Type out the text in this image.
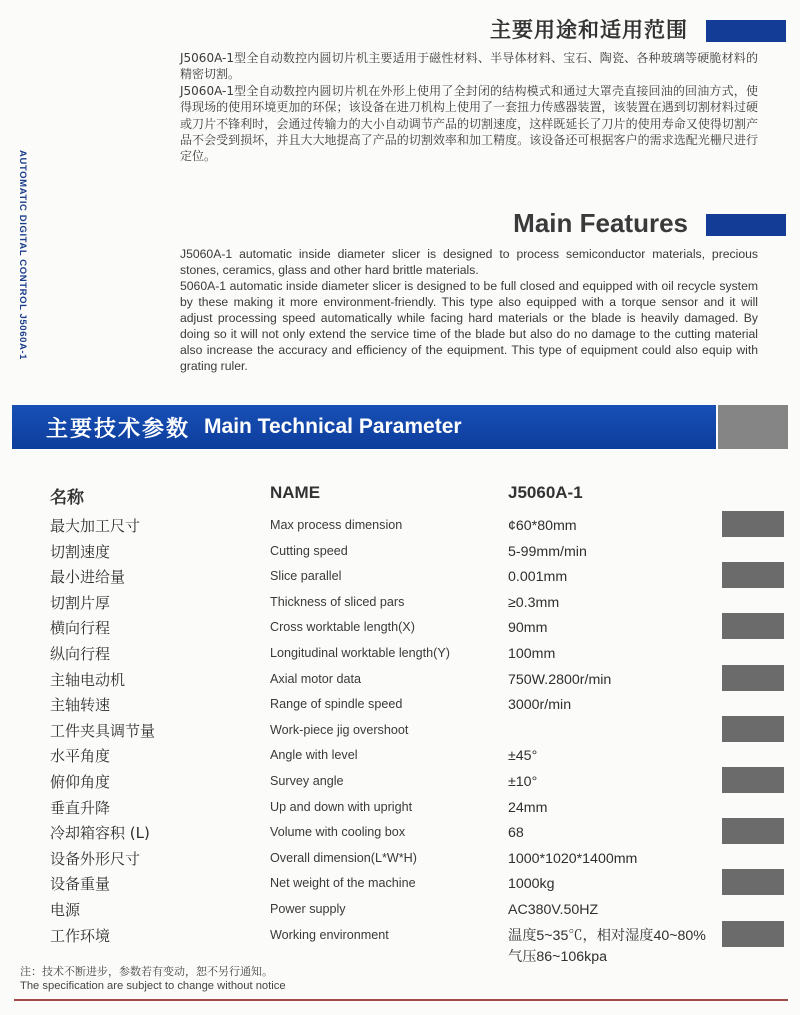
AUTOMATIC DIGITAL CONTROL J5060A-1
主要用途和适用范围

J5060A-1型全自动数控内圆切片机主要适用于磁性材料、半导体材料、宝石、陶瓷、各种玻璃等硬脆材料的精密切割。

J5060A-1型全自动数控内圆切片机在外形上使用了全封闭的结构模式和通过大罩壳直接回油的回油方式，使得现场的使用环境更加的环保；该设备在进刀机构上使用了一套扭力传感器装置，该装置在遇到切割材料过硬或刀片不锋利时，会通过传输力的大小自动调节产品的切割速度，这样既延长了刀片的使用寿命又使得切割产品不会受到损坏，并且大大地提高了产品的切割效率和加工精度。该设备还可根据客户的需求选配光栅尺进行定位。

Main Features

J5060A-1 automatic inside diameter slicer is designed to process semiconductor materials, precious stones, ceramics, glass and other hard brittle materials.

5060A-1 automatic inside diameter slicer is designed to be full closed and equipped with oil recycle system by these making it more environment-friendly. This type also equipped with a torque sensor and it will adjust processing speed automatically while facing hard materials or the blade is heavily damaged. By doing so it will not only extend the service time of the blade but also do no damage to the cutting material also increase the accuracy and efficiency of the equipment. This type of equipment could also equip with grating ruler.

主要技术参数 Main Technical Parameter
名称	NAME	J5060A-1
最大加工尺寸	Max process dimension	¢60*80mm
切割速度	Cutting speed	5-99mm/min
最小进给量	Slice parallel	0.001mm
切割片厚	Thickness of sliced pars	≥0.3mm
横向行程	Cross worktable length(X)	90mm
纵向行程	Longitudinal worktable length(Y)	100mm
主轴电动机	Axial motor data	750W.2800r/min
主轴转速	Range of spindle speed	3000r/min
工件夹具调节量	Work-piece jig overshoot
水平角度	Angle with level	±45°
俯仰角度	Survey angle	±10°
垂直升降	Up and down with upright	24mm
冷却箱容积 (L)	Volume with cooling box	68
设备外形尺寸	Overall dimension(L*W*H)	1000*1020*1400mm
设备重量	Net weight of the machine	1000kg
电源	Power supply	AC380V.50HZ
工作环境	Working environment	温度5~35℃，相对湿度40~80%
气压86~106kpa
注：技术不断进步，参数若有变动，恕不另行通知。
The specification are subject to change without notice
